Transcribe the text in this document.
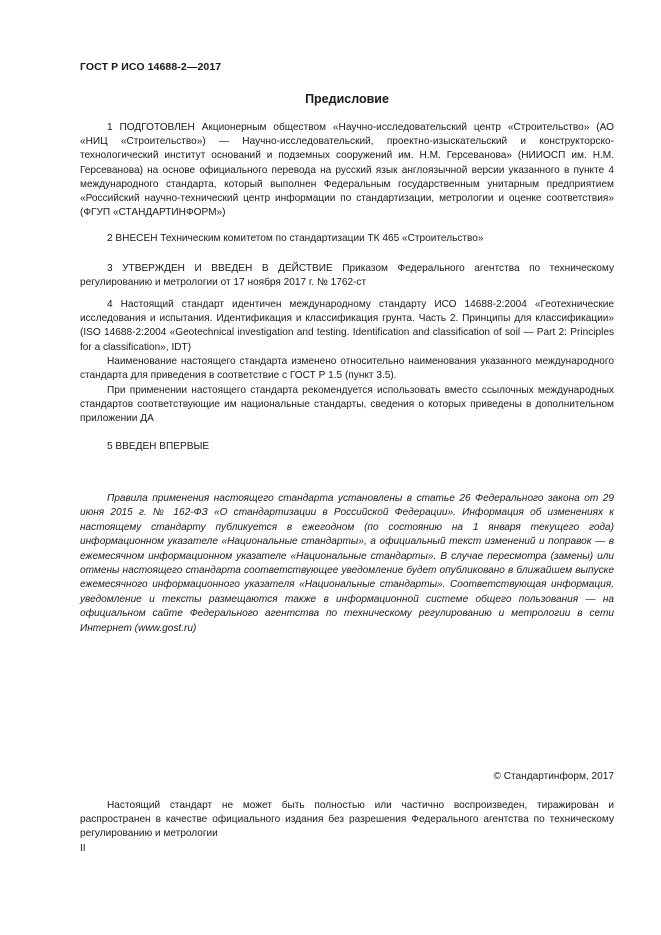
ГОСТ Р ИСО 14688-2—2017
Предисловие

1 ПОДГОТОВЛЕН Акционерным обществом «Научно-исследовательский центр «Строительство» (АО «НИЦ «Строительство») — Научно-исследовательский, проектно-изыскательский и конструкторско-технологический институт оснований и подземных сооружений им. Н.М. Герсеванова» (НИИОСП им. Н.М. Герсеванова) на основе официального перевода на русский язык англоязычной версии указанного в пункте 4 международного стандарта, который выполнен Федеральным государственным унитарным предприятием «Российский научно-технический центр информации по стандартизации, метрологии и оценке соответствия» (ФГУП «СТАНДАРТИНФОРМ»)

2 ВНЕСЕН Техническим комитетом по стандартизации ТК 465 «Строительство»

3 УТВЕРЖДЕН И ВВЕДЕН В ДЕЙСТВИЕ Приказом Федерального агентства по техническому регулированию и метрологии от 17 ноября 2017 г. № 1762-ст

4 Настоящий стандарт идентичен международному стандарту ИСО 14688-2:2004 «Геотехнические исследования и испытания. Идентификация и классификация грунта. Часть 2. Принципы для классификации» (ISO 14688-2:2004 «Geotechnical investigation and testing. Identification and classification of soil — Part 2: Principles for a classification», IDT)

Наименование настоящего стандарта изменено относительно наименования указанного международного стандарта для приведения в соответствие с ГОСТ Р 1.5 (пункт 3.5).

При применении настоящего стандарта рекомендуется использовать вместо ссылочных международных стандартов соответствующие им национальные стандарты, сведения о которых приведены в дополнительном приложении ДА

5 ВВЕДЕН ВПЕРВЫЕ

Правила применения настоящего стандарта установлены в статье 26 Федерального закона от 29 июня 2015 г. № 162-ФЗ «О стандартизации в Российской Федерации». Информация об изменениях к настоящему стандарту публикуется в ежегодном (по состоянию на 1 января текущего года) информационном указателе «Национальные стандарты», а официальный текст изменений и поправок — в ежемесячном информационном указателе «Национальные стандарты». В случае пересмотра (замены) или отмены настоящего стандарта соответствующее уведомление будет опубликовано в ближайшем выпуске ежемесячного информационного указателя «Национальные стандарты». Соответствующая информация, уведомление и тексты размещаются также в информационной системе общего пользования — на официальном сайте Федерального агентства по техническому регулированию и метрологии в сети Интернет (www.gost.ru)

© Стандартинформ, 2017

Настоящий стандарт не может быть полностью или частично воспроизведен, тиражирован и распространен в качестве официального издания без разрешения Федерального агентства по техническому регулированию и метрологии

II
